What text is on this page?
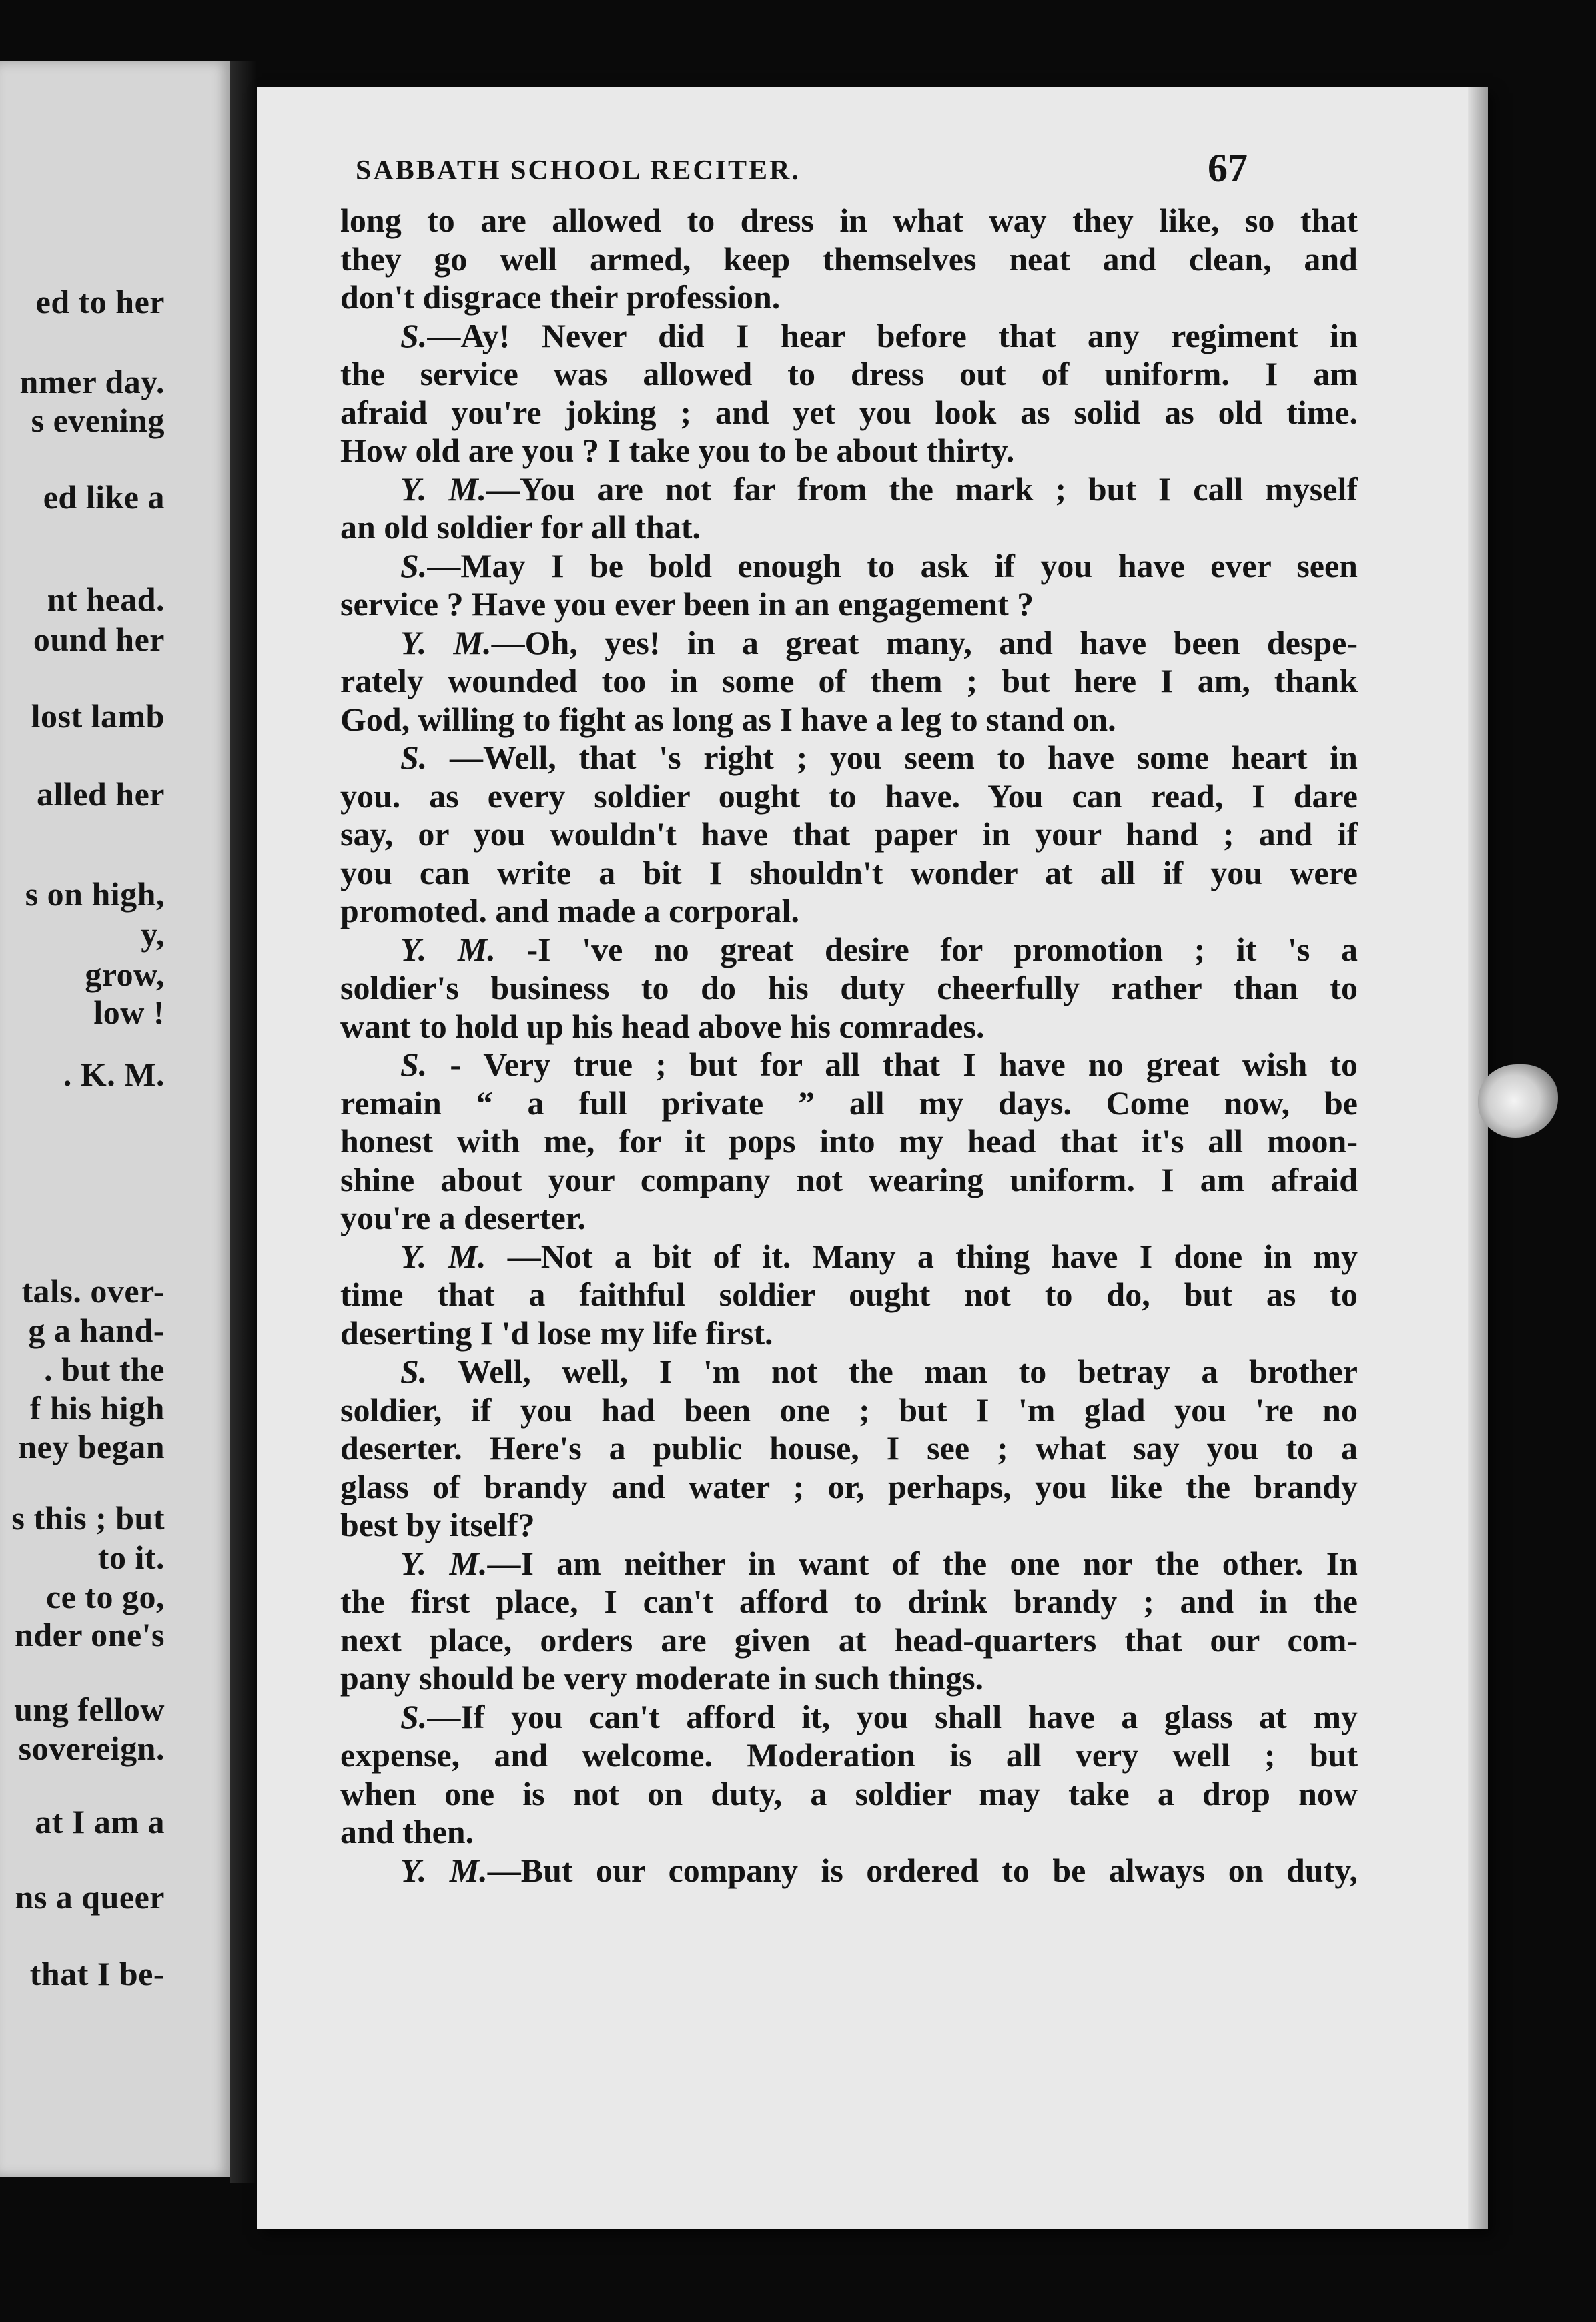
ed to her
nmer day.
s evening
ed like a
nt head.
ound her
lost lamb
alled her
s on high,
y,
grow,
low !
. K. M.
tals. over-
g a hand-
. but the
f his high
ney began
s this ; but
to it.
ce to go,
nder one's
ung fellow
sovereign.
at I am a
ns a queer
that I be-
SABBATH SCHOOL RECITER.	67
long to are allowed to dress in what way they like, so that
they go well armed, keep themselves neat and clean, and
don't disgrace their profession.
S.—Ay! Never did I hear before that any regiment in
the service was allowed to dress out of uniform. I am
afraid you're joking ; and yet you look as solid as old time.
How old are you ? I take you to be about thirty.
Y. M.—You are not far from the mark ; but I call myself
an old soldier for all that.
S.—May I be bold enough to ask if you have ever seen
service ? Have you ever been in an engagement ?
Y. M.—Oh, yes! in a great many, and have been despe-
rately wounded too in some of them ; but here I am, thank
God, willing to fight as long as I have a leg to stand on.
S. —Well, that 's right ; you seem to have some heart in
you. as every soldier ought to have. You can read, I dare
say, or you wouldn't have that paper in your hand ; and if
you can write a bit I shouldn't wonder at all if you were
promoted. and made a corporal.
Y. M. -I 've no great desire for promotion ; it 's a
soldier's business to do his duty cheerfully rather than to
want to hold up his head above his comrades.
S. - Very true ; but for all that I have no great wish to
remain “ a full private ” all my days. Come now, be
honest with me, for it pops into my head that it's all moon-
shine about your company not wearing uniform. I am afraid
you're a deserter.
Y. M. —Not a bit of it. Many a thing have I done in my
time that a faithful soldier ought not to do, but as to
deserting I 'd lose my life first.
S. Well, well, I 'm not the man to betray a brother
soldier, if you had been one ; but I 'm glad you 're no
deserter. Here's a public house, I see ; what say you to a
glass of brandy and water ; or, perhaps, you like the brandy
best by itself?
Y. M.—I am neither in want of the one nor the other. In
the first place, I can't afford to drink brandy ; and in the
next place, orders are given at head-quarters that our com-
pany should be very moderate in such things.
S.—If you can't afford it, you shall have a glass at my
expense, and welcome. Moderation is all very well ; but
when one is not on duty, a soldier may take a drop now
and then.
Y. M.—But our company is ordered to be always on duty,
